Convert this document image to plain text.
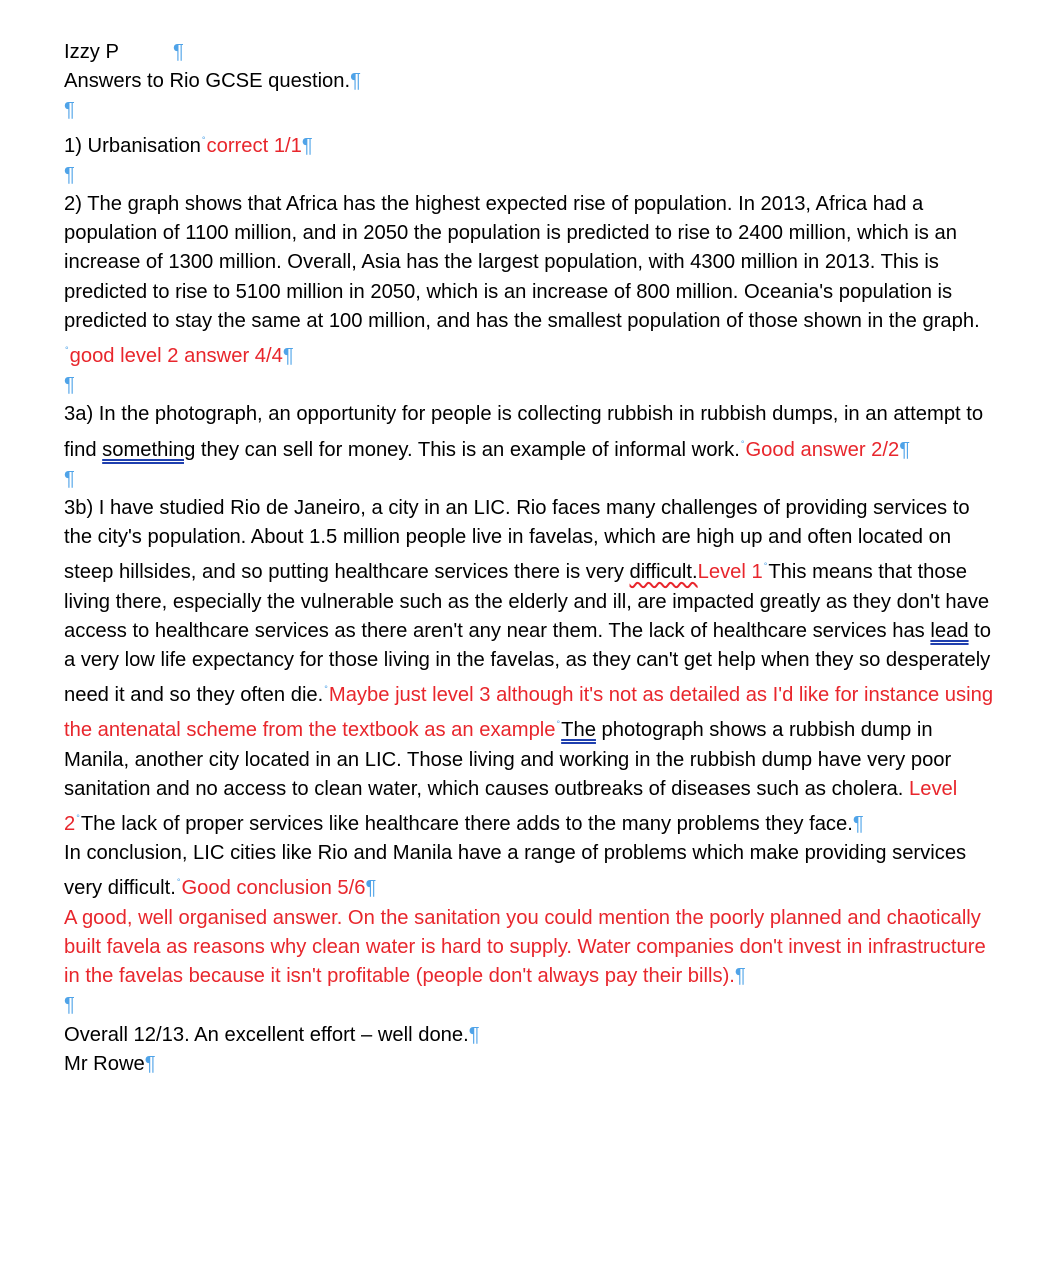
Izzy P	¶

Answers to Rio GCSE question.¶

¶

1) Urbanisation°correct 1/1¶

¶

2) The graph shows that Africa has the highest expected rise of population. In 2013, Africa had a population of 1100 million, and in 2050 the population is predicted to rise to 2400 million, which is an increase of 1300 million. Overall, Asia has the largest population, with 4300 million in 2013. This is predicted to rise to 5100 million in 2050, which is an increase of 800 million. Oceania's population is predicted to stay the same at 100 million, and has the smallest population of those shown in the graph.°good level 2 answer 4/4¶

¶

3a) In the photograph, an opportunity for people is collecting rubbish in rubbish dumps, in an attempt to find something they can sell for money. This is an example of informal work.°Good answer 2/2¶

¶

3b) I have studied Rio de Janeiro, a city in an LIC. Rio faces many challenges of providing services to the city's population. About 1.5 million people live in favelas, which are high up and often located on steep hillsides, and so putting healthcare services there is very difficult.Level 1°This means that those living there, especially the vulnerable such as the elderly and ill, are impacted greatly as they don't have access to healthcare services as there aren't any near them. The lack of healthcare services has lead to a very low life expectancy for those living in the favelas, as they can't get help when they so desperately need it and so they often die.°Maybe just level 3 although it's not as detailed as I'd like for instance using the antenatal scheme from the textbook as an example°The photograph shows a rubbish dump in Manila, another city located in an LIC. Those living and working in the rubbish dump have very poor sanitation and no access to clean water, which causes outbreaks of diseases such as cholera. Level 2°The lack of proper services like healthcare there adds to the many problems they face.¶

In conclusion, LIC cities like Rio and Manila have a range of problems which make providing services very difficult.°Good conclusion 5/6¶

A good, well organised answer. On the sanitation you could mention the poorly planned and chaotically built favela as reasons why clean water is hard to supply. Water companies don't invest in infrastructure in the favelas because it isn't profitable (people don't always pay their bills).¶

¶

Overall 12/13. An excellent effort – well done.¶

Mr Rowe¶
